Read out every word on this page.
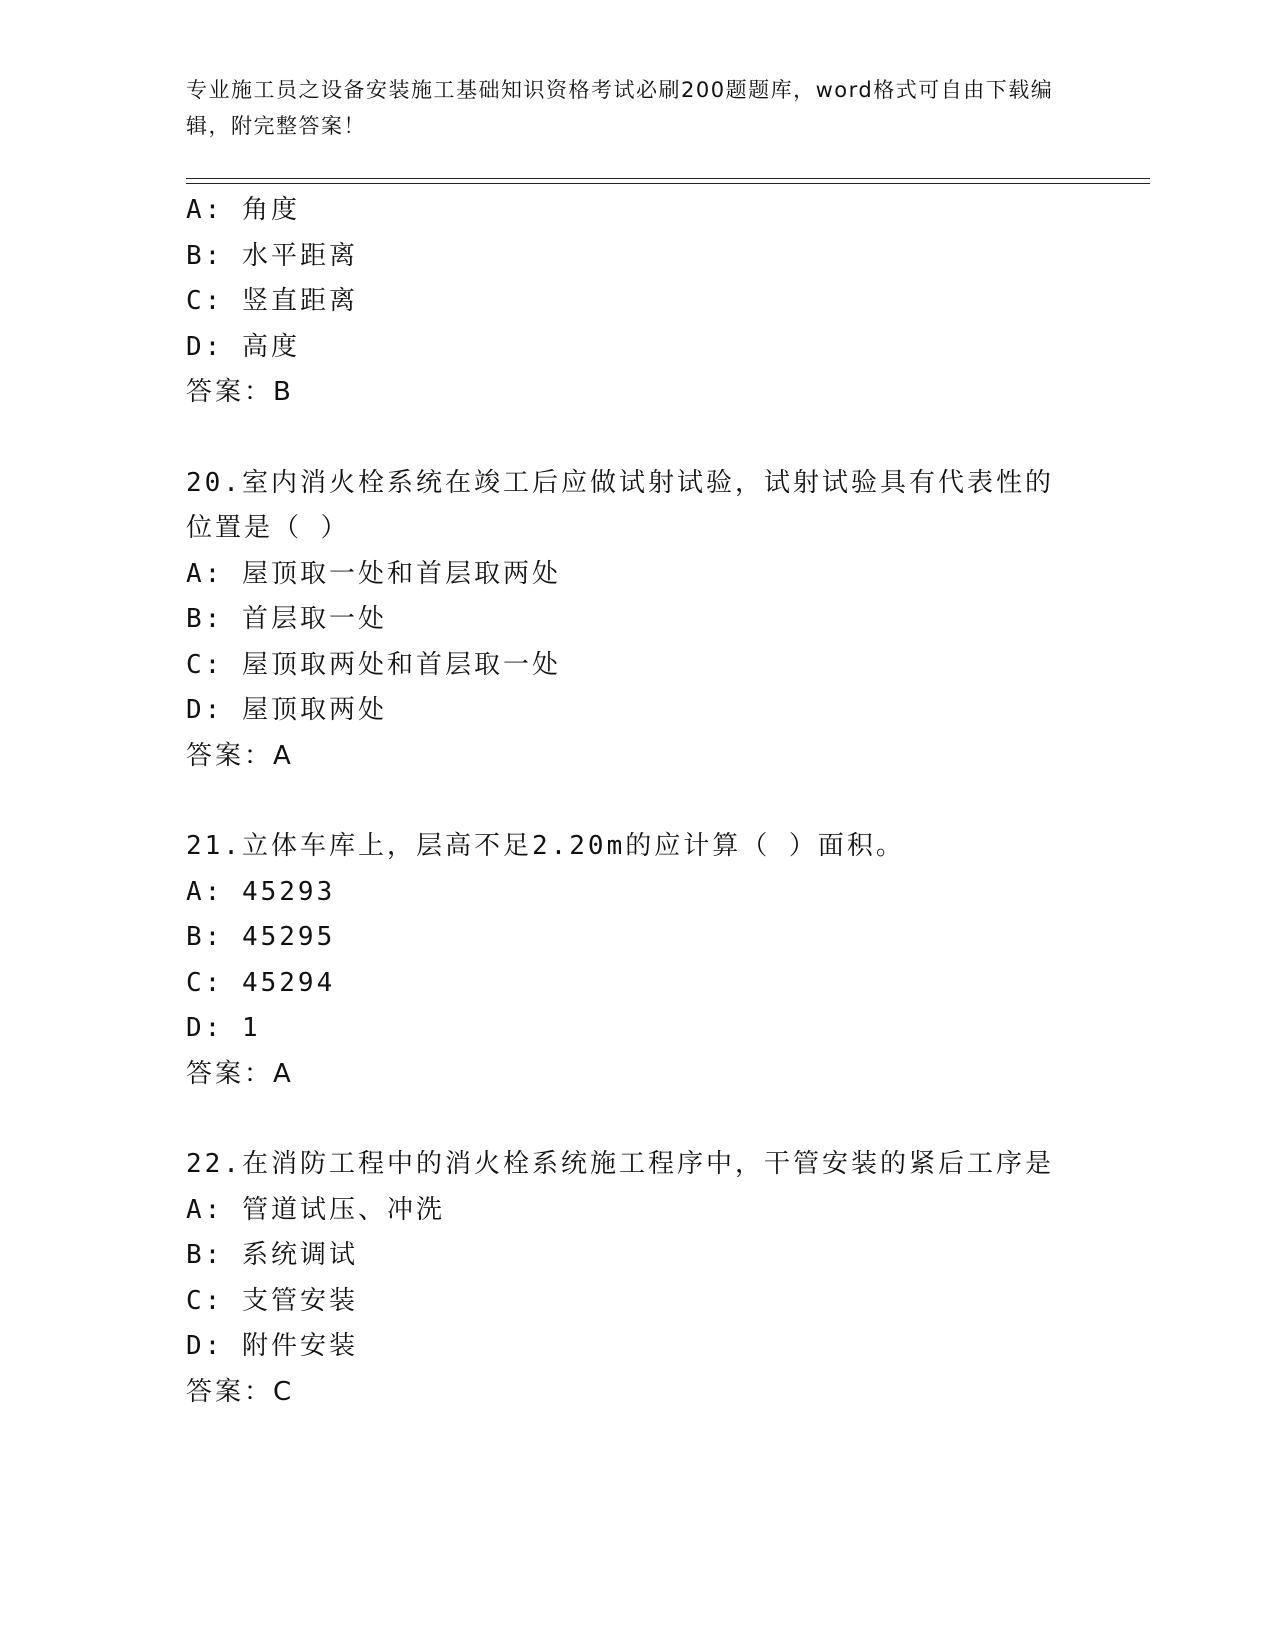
专业施工员之设备安装施工基础知识资格考试必刷200题题库，word格式可自由下载编辑，附完整答案！
A: 角度
B: 水平距离
C: 竖直距离
D: 高度
答案：B
20.室内消火栓系统在竣工后应做试射试验，试射试验具有代表性的位置是（ ）
A: 屋顶取一处和首层取两处
B: 首层取一处
C: 屋顶取两处和首层取一处
D: 屋顶取两处
答案：A
21.立体车库上，层高不足2.20m的应计算（ ）面积。
A: 45293
B: 45295
C: 45294
D: 1
答案：A
22.在消防工程中的消火栓系统施工程序中，干管安装的紧后工序是
A: 管道试压、冲洗
B: 系统调试
C: 支管安装
D: 附件安装
答案：C
